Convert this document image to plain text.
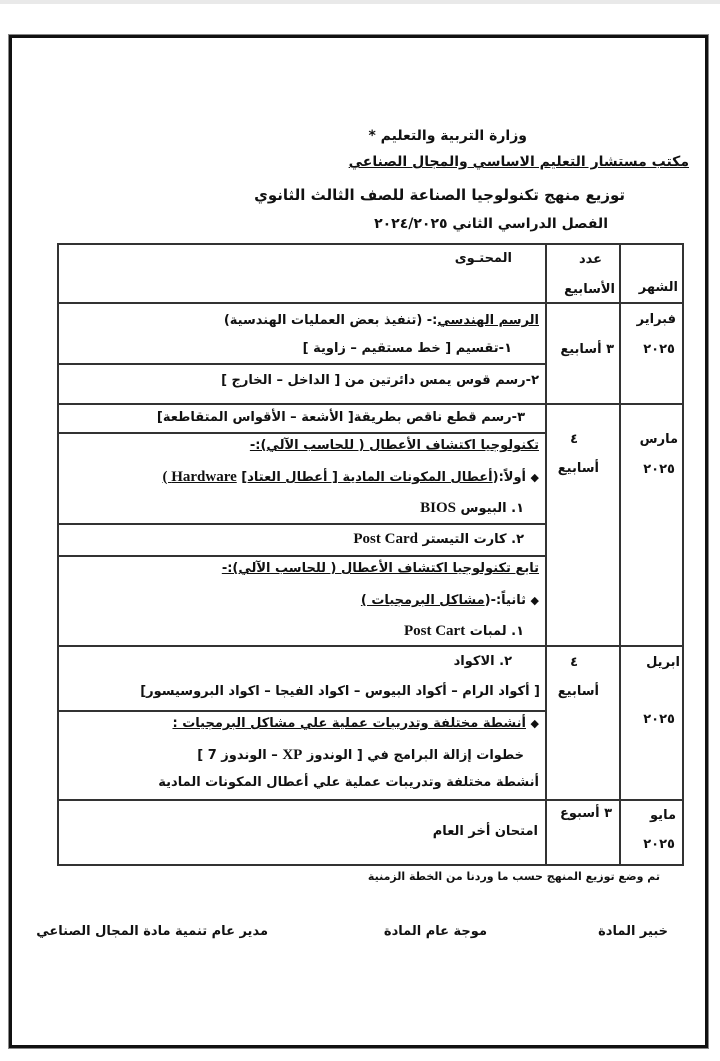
وزارة التربية والتعليم *
مكتب مستشار التعليم الاساسي والمجال الصناعي
توزيع منهج تكنولوجيا الصناعة للصف الثالث الثانوي
الفصل الدراسي الثاني ٢٠٢٤/٢٠٢٥
الشهر
عدد
الأسابيع
المحتـوى
فبراير
٢٠٢٥
٣ أسابيع
الرسم الهندسي:- (تنفيذ بعض العمليات الهندسية)
١-تقسيم [ خط مستقيم – زاوية ]
٢-رسم قوس يمس دائرتين من [ الداخل – الخارج ]
مارس
٢٠٢٥
٤
أسابيع
٣-رسم قطع ناقص بطريقة[ الأشعة – الأقواس المتقاطعة]
تكنولوجيا اكتشاف الأعطال ( للحاسب الآلي):-
◆ أولاً:(أعطال المكونات المادية [ أعطال العتاد] Hardware )
١. البيوس BIOS
٢. كارت التيستر Post Card
تابع تكنولوجيا اكتشاف الأعطال ( للحاسب الآلي):-
◆ ثانياً:-(مشاكل البرمجيات )
١. لمبات Post Cart
ابريل
٢٠٢٥
٤
أسابيع
٢. الاكواد
[ أكواد الرام – أكواد البيوس – اكواد الفيجا – اكواد البروسيسور]
◆ أنشطة مختلفة وتدريبات عملية علي مشاكل البرمجيات :
خطوات إزالة البرامج في [ الوندوز XP – الوندوز 7 ]
أنشطة مختلفة وتدريبات عملية علي أعطال المكونات المادية
مايو
٢٠٢٥
٣ أسبوع
امتحان أخر العام
تم وضع توزيع المنهج حسب ما وردنا من الخطة الزمنية
خبير المادة
موجة عام المادة
مدير عام تنمية مادة المجال الصناعي
